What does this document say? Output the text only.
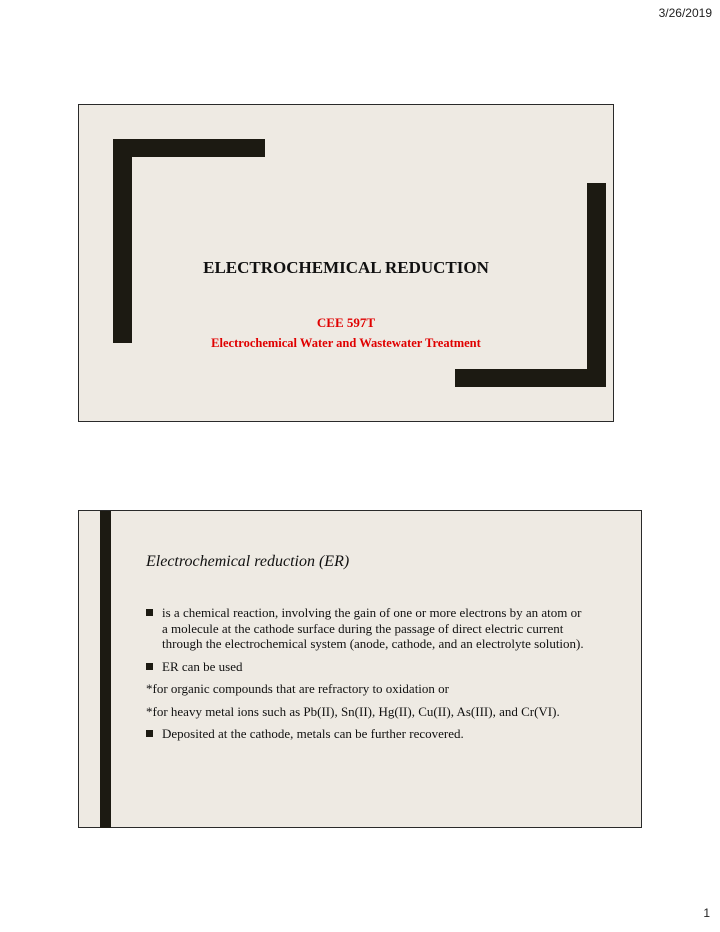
3/26/2019
ELECTROCHEMICAL REDUCTION
CEE 597T
Electrochemical Water and Wastewater Treatment
Electrochemical reduction (ER)
is a chemical reaction, involving the gain of one or more electrons by an atom or a molecule at the cathode surface during the passage of direct electric current through the electrochemical system (anode, cathode, and an electrolyte solution).
ER can be used
*for organic compounds that are refractory to oxidation or
*for heavy metal ions such as Pb(II), Sn(II), Hg(II), Cu(II), As(III), and Cr(VI).
Deposited at the cathode, metals can be further recovered.
1
